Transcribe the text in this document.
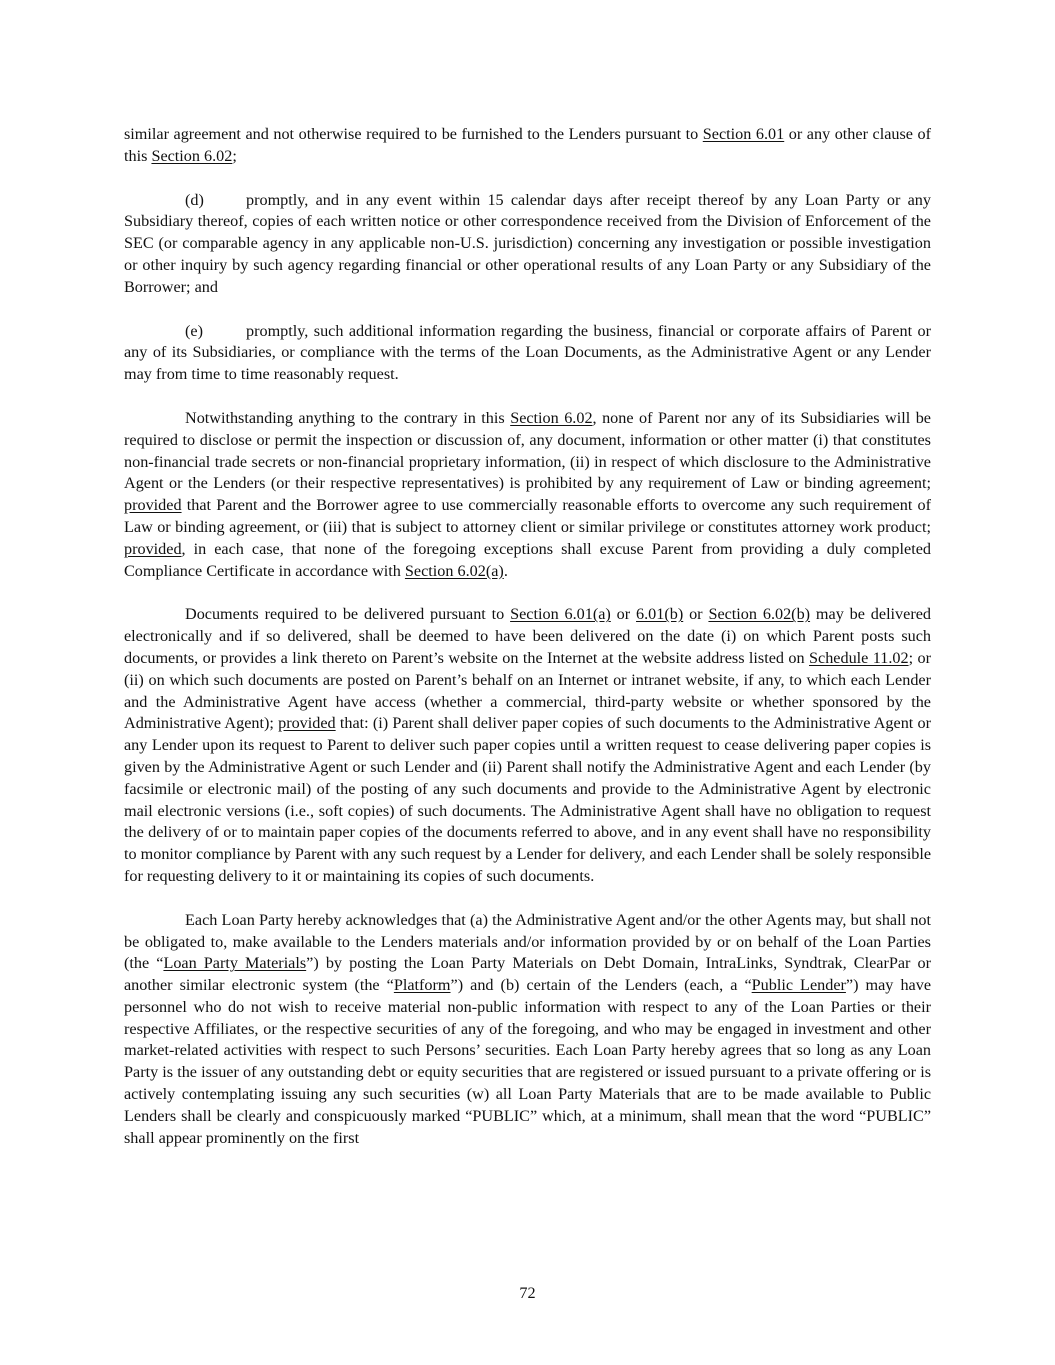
similar agreement and not otherwise required to be furnished to the Lenders pursuant to Section 6.01 or any other clause of this Section 6.02;

(d)	promptly, and in any event within 15 calendar days after receipt thereof by any Loan Party or any Subsidiary thereof, copies of each written notice or other correspondence received from the Division of Enforcement of the SEC (or comparable agency in any applicable non-U.S. jurisdiction) concerning any investigation or possible investigation or other inquiry by such agency regarding financial or other operational results of any Loan Party or any Subsidiary of the Borrower; and

(e)	promptly, such additional information regarding the business, financial or corporate affairs of Parent or any of its Subsidiaries, or compliance with the terms of the Loan Documents, as the Administrative Agent or any Lender may from time to time reasonably request.

Notwithstanding anything to the contrary in this Section 6.02, none of Parent nor any of its Subsidiaries will be required to disclose or permit the inspection or discussion of, any document, information or other matter (i) that constitutes non-financial trade secrets or non-financial proprietary information, (ii) in respect of which disclosure to the Administrative Agent or the Lenders (or their respective representatives) is prohibited by any requirement of Law or binding agreement; provided that Parent and the Borrower agree to use commercially reasonable efforts to overcome any such requirement of Law or binding agreement, or (iii) that is subject to attorney client or similar privilege or constitutes attorney work product; provided, in each case, that none of the foregoing exceptions shall excuse Parent from providing a duly completed Compliance Certificate in accordance with Section 6.02(a).

Documents required to be delivered pursuant to Section 6.01(a) or 6.01(b) or Section 6.02(b) may be delivered electronically and if so delivered, shall be deemed to have been delivered on the date (i) on which Parent posts such documents, or provides a link thereto on Parent’s website on the Internet at the website address listed on Schedule 11.02; or (ii) on which such documents are posted on Parent’s behalf on an Internet or intranet website, if any, to which each Lender and the Administrative Agent have access (whether a commercial, third-party website or whether sponsored by the Administrative Agent); provided that: (i) Parent shall deliver paper copies of such documents to the Administrative Agent or any Lender upon its request to Parent to deliver such paper copies until a written request to cease delivering paper copies is given by the Administrative Agent or such Lender and (ii) Parent shall notify the Administrative Agent and each Lender (by facsimile or electronic mail) of the posting of any such documents and provide to the Administrative Agent by electronic mail electronic versions (i.e., soft copies) of such documents. The Administrative Agent shall have no obligation to request the delivery of or to maintain paper copies of the documents referred to above, and in any event shall have no responsibility to monitor compliance by Parent with any such request by a Lender for delivery, and each Lender shall be solely responsible for requesting delivery to it or maintaining its copies of such documents.

Each Loan Party hereby acknowledges that (a) the Administrative Agent and/or the other Agents may, but shall not be obligated to, make available to the Lenders materials and/or information provided by or on behalf of the Loan Parties (the “Loan Party Materials”) by posting the Loan Party Materials on Debt Domain, IntraLinks, Syndtrak, ClearPar or another similar electronic system (the “Platform”) and (b) certain of the Lenders (each, a “Public Lender”) may have personnel who do not wish to receive material non-public information with respect to any of the Loan Parties or their respective Affiliates, or the respective securities of any of the foregoing, and who may be engaged in investment and other market-related activities with respect to such Persons’ securities. Each Loan Party hereby agrees that so long as any Loan Party is the issuer of any outstanding debt or equity securities that are registered or issued pursuant to a private offering or is actively contemplating issuing any such securities (w) all Loan Party Materials that are to be made available to Public Lenders shall be clearly and conspicuously marked “PUBLIC” which, at a minimum, shall mean that the word “PUBLIC” shall appear prominently on the first

72
